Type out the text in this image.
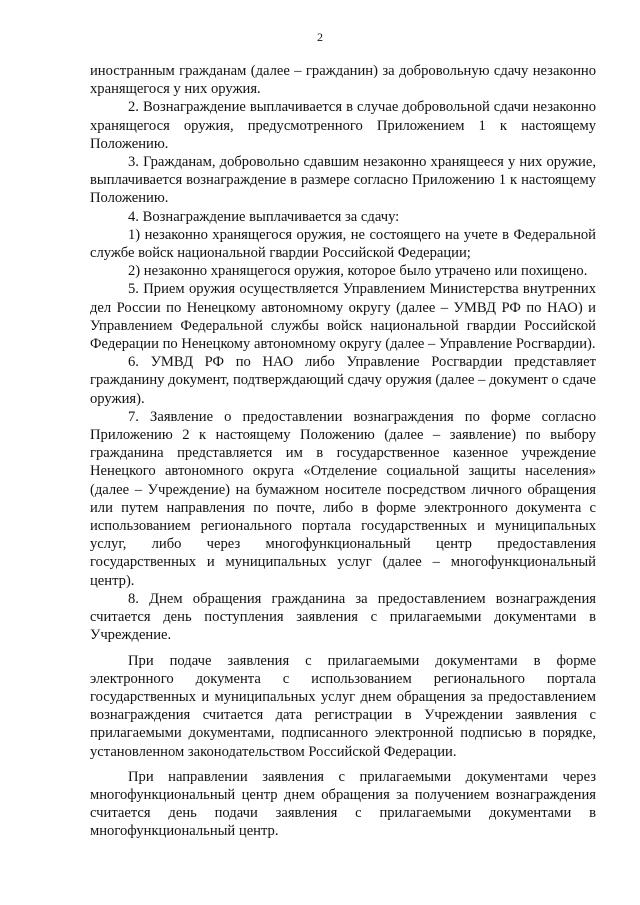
2

иностранным гражданам (далее – гражданин) за добровольную сдачу незаконно хранящегося у них оружия.

2. Вознаграждение выплачивается в случае добровольной сдачи незаконно хранящегося оружия, предусмотренного Приложением 1 к настоящему Положению.

3. Гражданам, добровольно сдавшим незаконно хранящееся у них оружие, выплачивается вознаграждение в размере согласно Приложению 1 к настоящему Положению.

4. Вознаграждение выплачивается за сдачу:

1) незаконно хранящегося оружия, не состоящего на учете в Федеральной службе войск национальной гвардии Российской Федерации;

2) незаконно хранящегося оружия, которое было утрачено или похищено.

5. Прием оружия осуществляется Управлением Министерства внутренних дел России по Ненецкому автономному округу (далее – УМВД РФ по НАО) и Управлением Федеральной службы войск национальной гвардии Российской Федерации по Ненецкому автономному округу (далее – Управление Росгвардии).

6. УМВД РФ по НАО либо Управление Росгвардии представляет гражданину документ, подтверждающий сдачу оружия (далее – документ о сдаче оружия).

7. Заявление о предоставлении вознаграждения по форме согласно Приложению 2 к настоящему Положению (далее – заявление) по выбору гражданина представляется им в государственное казенное учреждение Ненецкого автономного округа «Отделение социальной защиты населения» (далее – Учреждение) на бумажном носителе посредством личного обращения или путем направления по почте, либо в форме электронного документа с использованием регионального портала государственных и муниципальных услуг, либо через многофункциональный центр предоставления государственных и муниципальных услуг (далее – многофункциональный центр).

8. Днем обращения гражданина за предоставлением вознаграждения считается день поступления заявления с прилагаемыми документами в Учреждение.

При подаче заявления с прилагаемыми документами в форме электронного документа с использованием регионального портала государственных и муниципальных услуг днем обращения за предоставлением вознаграждения считается дата регистрации в Учреждении заявления с прилагаемыми документами, подписанного электронной подписью в порядке, установленном законодательством Российской Федерации.

При направлении заявления с прилагаемыми документами через многофункциональный центр днем обращения за получением вознаграждения считается день подачи заявления с прилагаемыми документами в многофункциональный центр.
